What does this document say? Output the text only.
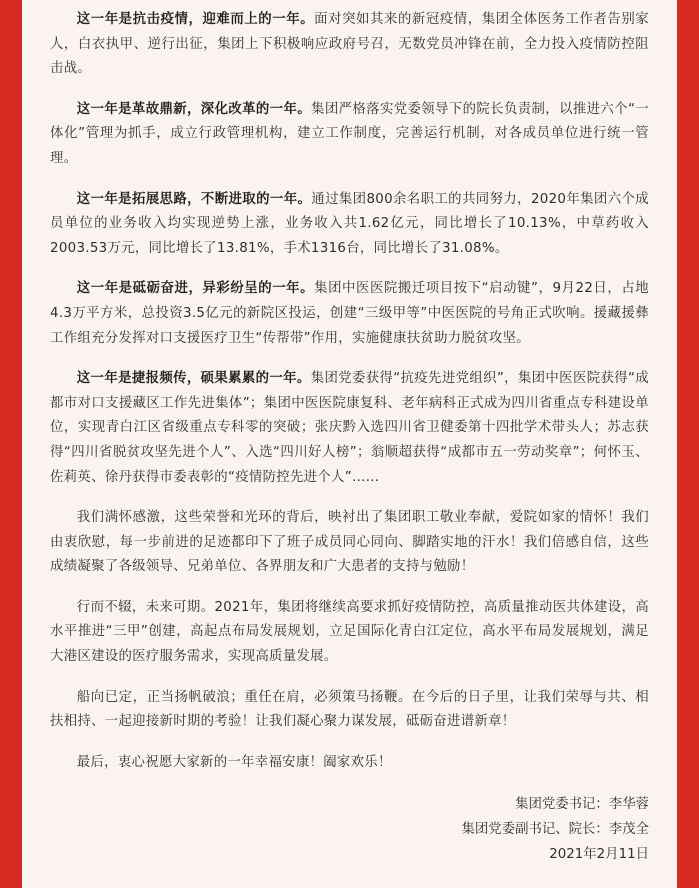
这一年是抗击疫情，迎难而上的一年。面对突如其来的新冠疫情，集团全体医务工作者告别家人，白衣执甲、逆行出征，集团上下积极响应政府号召，无数党员冲锋在前，全力投入疫情防控阻击战。

这一年是革故鼎新，深化改革的一年。集团严格落实党委领导下的院长负责制，以推进六个“一体化”管理为抓手，成立行政管理机构，建立工作制度，完善运行机制，对各成员单位进行统一管理。

这一年是拓展思路，不断进取的一年。通过集团800余名职工的共同努力，2020年集团六个成员单位的业务收入均实现逆势上涨，业务收入共1.62亿元，同比增长了10.13%，中草药收入2003.53万元，同比增长了13.81%，手术1316台，同比增长了31.08%。

这一年是砥砺奋进，异彩纷呈的一年。集团中医医院搬迁项目按下“启动键”，9月22日，占地4.3万平方米，总投资3.5亿元的新院区投运，创建“三级甲等”中医医院的号角正式吹响。援藏援彝工作组充分发挥对口支援医疗卫生“传帮带”作用，实施健康扶贫助力脱贫攻坚。

这一年是捷报频传，硕果累累的一年。集团党委获得“抗疫先进党组织”，集团中医医院获得“成都市对口支援藏区工作先进集体”；集团中医医院康复科、老年病科正式成为四川省重点专科建设单位，实现青白江区省级重点专科零的突破；张庆黔入选四川省卫健委第十四批学术带头人；苏志获得“四川省脱贫攻坚先进个人”、入选“四川好人榜”；翁顺超获得“成都市五一劳动奖章”；何怀玉、佐莉英、徐丹获得市委表彰的“疫情防控先进个人”……

我们满怀感激，这些荣誉和光环的背后，映衬出了集团职工敬业奉献，爱院如家的情怀！我们由衷欣慰，每一步前进的足迹都印下了班子成员同心同向、脚踏实地的汗水！我们倍感自信，这些成绩凝聚了各级领导、兄弟单位、各界朋友和广大患者的支持与勉励！

行而不辍，未来可期。2021年，集团将继续高要求抓好疫情防控，高质量推动医共体建设，高水平推进“三甲”创建，高起点布局发展规划，立足国际化青白江定位，高水平布局发展规划，满足大港区建设的医疗服务需求，实现高质量发展。

船向已定，正当扬帆破浪；重任在肩，必须策马扬鞭。在今后的日子里，让我们荣辱与共、相扶相持、一起迎接新时期的考验！让我们凝心聚力谋发展，砥砺奋进谱新章！

最后，衷心祝愿大家新的一年幸福安康！阖家欢乐！

集团党委书记：李华蓉
集团党委副书记、院长：李茂全
2021年2月11日
